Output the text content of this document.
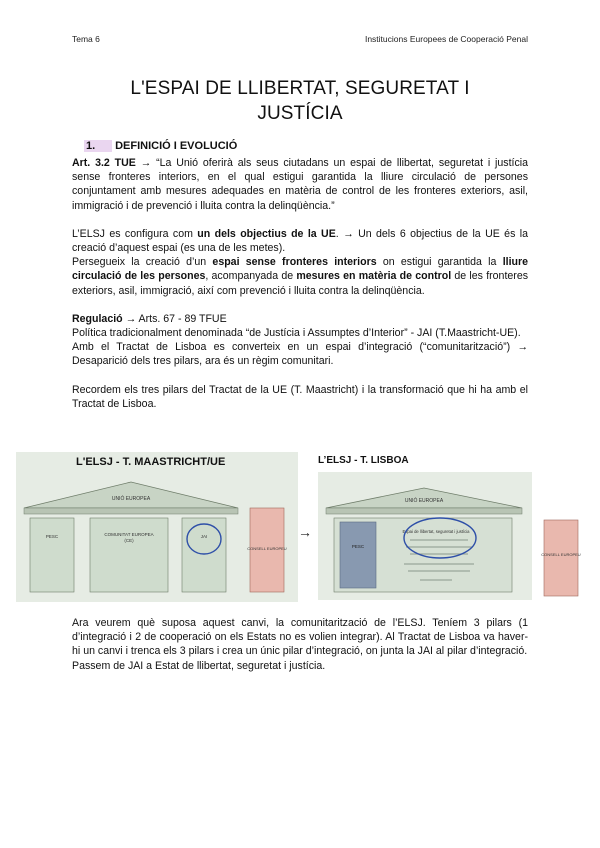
Tema 6	Institucions Europees de Cooperació Penal
L'ESPAI DE LLIBERTAT, SEGURETAT I
JUSTÍCIA
1. DEFINICIÓ I EVOLUCIÓ

Art. 3.2 TUE → “La Unió oferirà als seus ciutadans un espai de llibertat, seguretat i justícia sense fronteres interiors, en el qual estigui garantida la lliure circulació de persones conjuntament amb mesures adequades en matèria de control de les fronteres exteriors, asil, immigració i de prevenció i lluita contra la delinqüència.”

L’ELSJ es configura com un dels objectius de la UE. → Un dels 6 objectius de la UE és la creació d’aquest espai (es una de les metes).

Persegueix la creació d’un espai sense fronteres interiors on estigui garantida la lliure circulació de les persones, acompanyada de mesures en matèria de control de les fronteres exteriors, asil, immigració, així com prevenció i lluita contra la delinqüència.

Regulació → Arts. 67 - 89 TFUE

Política tradicionalment denominada “de Justícia i Assumptes d’Interior” - JAI (T.Maastricht-UE).

Amb el Tractat de Lisboa es converteix en un espai d’integració (“comunitarització”) → Desaparició dels tres pilars, ara és un règim comunitari.

Recordem els tres pilars del Tractat de la UE (T. Maastricht) i la transformació que hi ha amb el Tractat de Lisboa.

L'ELSJ - T. MAASTRICHT/UE
UNIÓ EUROPEA
PESC	COMUNITAT EUROPEA
(CE)
JAI
CONSELL EUROPEU
→
L’ELSJ - T. LISBOA
UNIÓ EUROPEA
PESC
Espai de llibertat, seguretat i justícia
CONSELL EUROPEU

Ara veurem què suposa aquest canvi, la comunitarització de l’ELSJ. Teníem 3 pilars (1 d’integració i 2 de cooperació on els Estats no es volien integrar). Al Tractat de Lisboa va haver-hi un canvi i trenca els 3 pilars i crea un únic pilar d’integració, on junta la JAI al pilar d’integració.

Passem de JAI a Estat de llibertat, seguretat i justícia.
